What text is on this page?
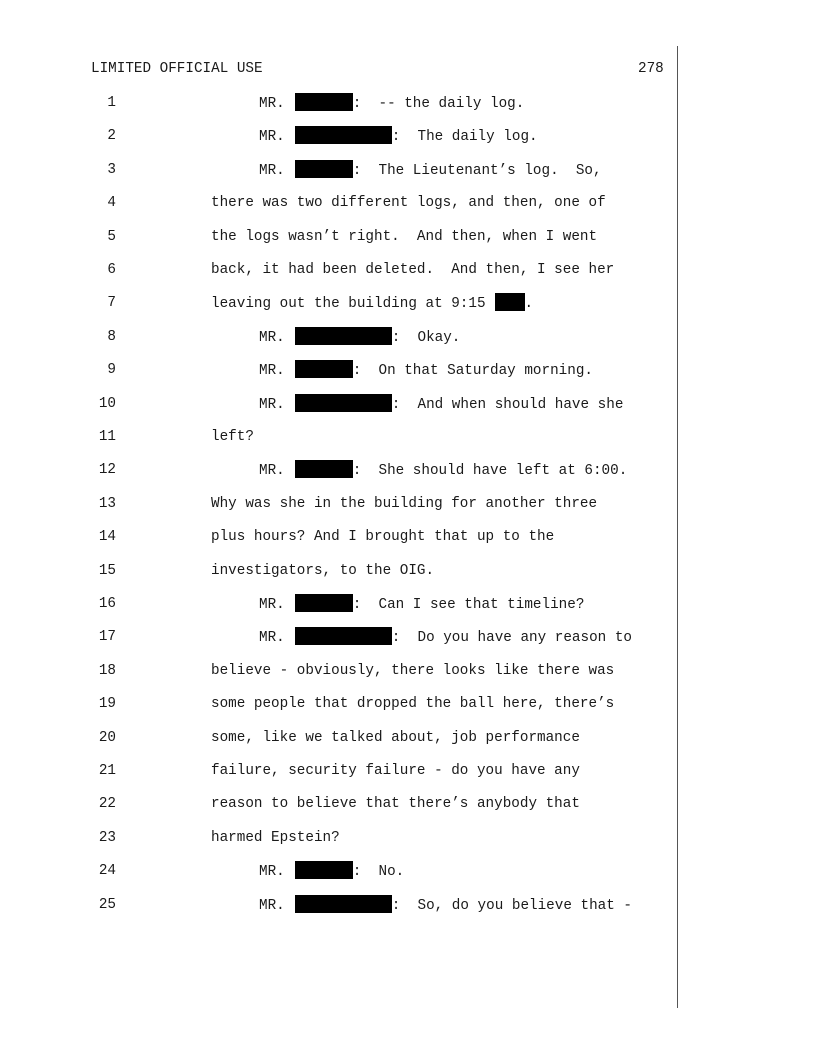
LIMITED OFFICIAL USE	278
1	MR.	:  -- the daily log.
2	MR.	:  The daily log.
3	MR.	:  The Lieutenant’s log.  So,
4	there was two different logs, and then, one of
5	the logs wasn’t right.  And then, when I went
6	back, it had been deleted.  And then, I see her
7	leaving out the building at 9:15	.
8	MR.	:  Okay.
9	MR.	:  On that Saturday morning.
10	MR.	:  And when should have she
11	left?
12	MR.	:  She should have left at 6:00.
13	Why was she in the building for another three
14	plus hours? And I brought that up to the
15	investigators, to the OIG.
16	MR.	:  Can I see that timeline?
17	MR.	:  Do you have any reason to
18	believe - obviously, there looks like there was
19	some people that dropped the ball here, there’s
20	some, like we talked about, job performance
21	failure, security failure - do you have any
22	reason to believe that there’s anybody that
23	harmed Epstein?
24	MR.	:  No.
25	MR.	:  So, do you believe that -
